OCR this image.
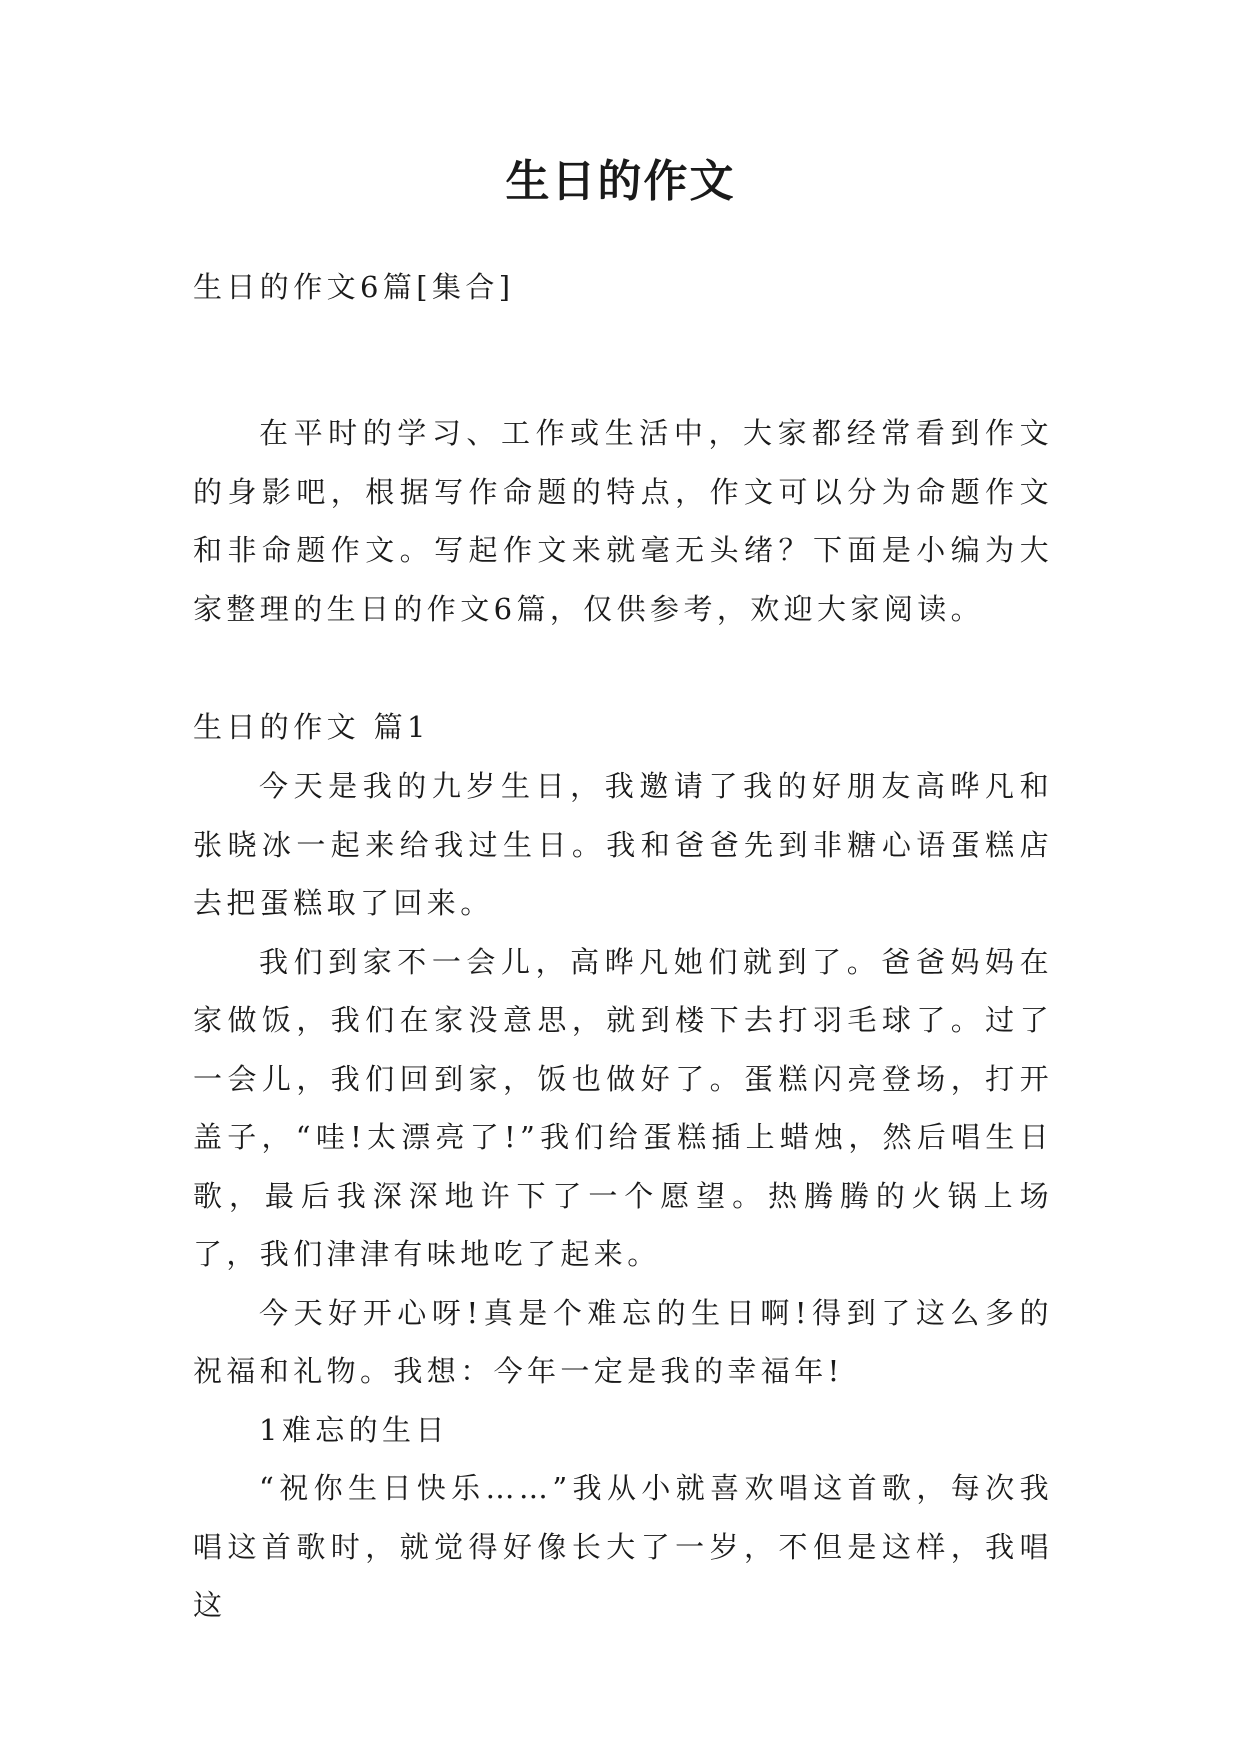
生日的作文
生日的作文6篇[集合]

在平时的学习、工作或生活中，大家都经常看到作文的身影吧，根据写作命题的特点，作文可以分为命题作文和非命题作文。写起作文来就毫无头绪？下面是小编为大家整理的生日的作文6篇，仅供参考，欢迎大家阅读。

生日的作文 篇1

今天是我的九岁生日，我邀请了我的好朋友高晔凡和张晓冰一起来给我过生日。我和爸爸先到非糖心语蛋糕店去把蛋糕取了回来。

我们到家不一会儿，高晔凡她们就到了。爸爸妈妈在家做饭，我们在家没意思，就到楼下去打羽毛球了。过了一会儿，我们回到家，饭也做好了。蛋糕闪亮登场，打开盖子，“哇!太漂亮了!”我们给蛋糕插上蜡烛，然后唱生日歌，最后我深深地许下了一个愿望。热腾腾的火锅上场了，我们津津有味地吃了起来。

今天好开心呀!真是个难忘的生日啊!得到了这么多的祝福和礼物。我想：今年一定是我的幸福年!

1难忘的生日

“祝你生日快乐……”我从小就喜欢唱这首歌，每次我唱这首歌时，就觉得好像长大了一岁，不但是这样，我唱这
